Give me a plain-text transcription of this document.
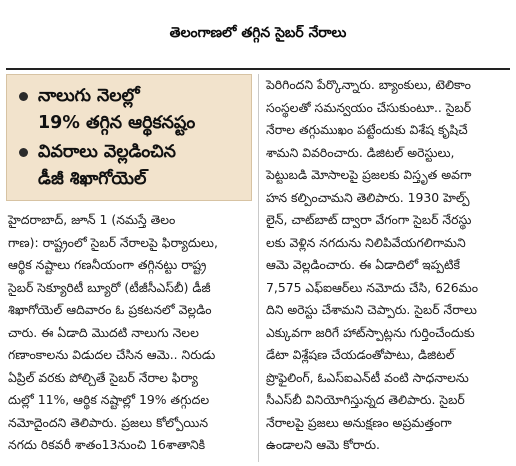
తెలంగాణలో తగ్గిన సైబర్ నేరాలు
నాలుగు నెలల్లో
19% తగ్గిన ఆర్థికనష్టం
వివరాలు వెల్లడించిన
డీజీ శిఖాగోయెల్
హైదరాబాద్, జూన్ 1 (నమస్తే తెలం
గాణ): రాష్ట్రంలో సైబర్ నేరాలపై ఫిర్యాదులు,
ఆర్థిక నష్టాలు గణనీయంగా తగ్గినట్టు రాష్ట్ర
సైబర్ సెక్యూరిటీ బ్యూరో (టీజీసీఎస్‌బీ) డీజీ
శిఖాగోయెల్ ఆదివారం ఓ ప్రకటనలో వెల్లడిం
చారు. ఈ ఏడాది మొదటి నాలుగు నెలల
గణాంకాలను విడుదల చేసిన ఆమె.. నిరుడు
ఏప్రిల్ వరకు పోల్చితే సైబర్ నేరాల ఫిర్యా
దుల్లో 11%, ఆర్థిక నష్టాల్లో 19% తగ్గుదల
నమోదైందని తెలిపారు. ప్రజలు కోల్పోయిన
నగదు రికవరీ శాతం13నుంచి 16శాతానికి
పెరిగిందని పేర్కొన్నారు. బ్యాంకులు, టెలికాం
సంస్థలతో సమన్వయం చేసుకుంటూ.. సైబర్
నేరాల తగ్గుముఖం పట్టేందుకు విశేష కృషిచే
శామని వివరించారు. డిజిటల్ అరెస్టులు,
పెట్టుబడి మోసాలపై ప్రజలకు విస్తృత అవగా
హన కల్పించామని తెలిపారు. 1930 హెల్ప్
లైన్, చాట్‌బాట్ ద్వారా వేగంగా సైబర్ నేరస్థు
లకు వెళ్లిన నగదును నిలిపివేయగలిగామని
ఆమె వెల్లడించారు. ఈ ఏడాదిలో ఇప్పటికే
7,575 ఎఫ్ఐఆర్‌లు నమోదు చేసి, 626మం
దిని అరెస్టు చేశామని చెప్పారు. సైబర్ నేరాలు
ఎక్కువగా జరిగే హాట్‌స్పాట్లను గుర్తించేందుకు
డేటా విశ్లేషణ చేయడంతోపాటు, డిజిటల్
ప్రొఫైలింగ్, ఓఎస్ఐఎన్‌టీ వంటి సాధనాలను
సీఎస్‌బీ వినియోగిస్తున్నద తెలిపారు. సైబర్
నేరాలపై ప్రజలు అనుక్షణం అప్రమత్తంగా
ఉండాలని ఆమె కోరారు.
